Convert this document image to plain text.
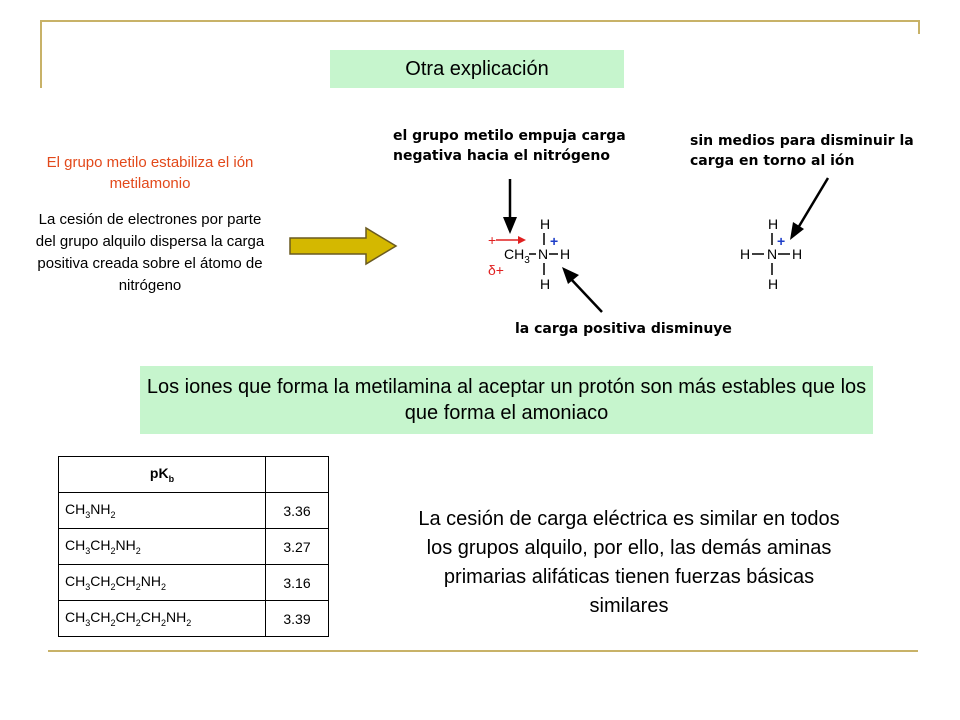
Otra explicación
El grupo metilo estabiliza el ión metilamonio
La cesión de electrones por parte del grupo alquilo dispersa la carga positiva creada sobre el átomo de nitrógeno
el grupo metilo empuja carga
negativa hacia el nitrógeno
sin medios para disminuir la
carga en torno al ión
la carga positiva disminuye
H
+
$CH_3$ N
+
H
H
δ+
H
H N
+
H
H
Los iones que forma la metilamina al aceptar un protón son más estables que los que forma el amoniaco
$pK_b$	
$CH_3NH_2$	3.36
$CH_3CH_2NH_2$	3.27
$CH_3CH_2CH_2NH_2$	3.16
$CH_3CH_2CH_2CH_2NH_2$	3.39
La cesión de carga eléctrica es similar en todos los grupos alquilo, por ello, las demás aminas primarias alifáticas tienen fuerzas básicas similares
